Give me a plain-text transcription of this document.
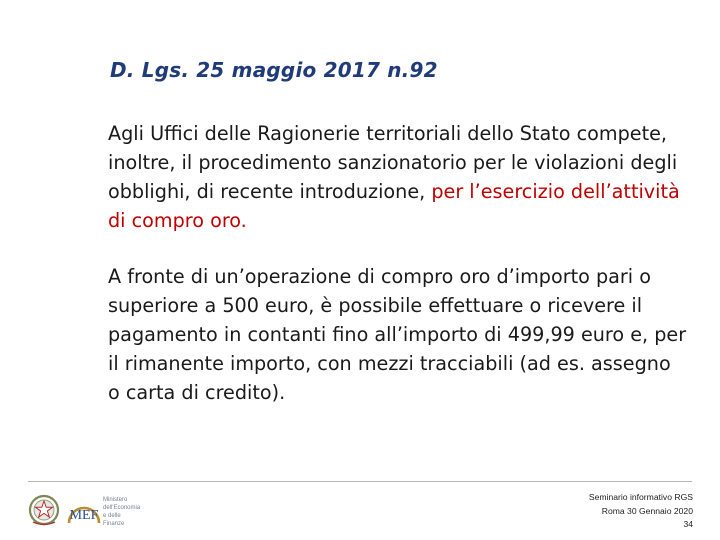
D. Lgs. 25 maggio 2017 n.92

Agli Uffici delle Ragionerie territoriali dello Stato compete, inoltre, il procedimento sanzionatorio per le violazioni degli obblighi, di recente introduzione, per l’esercizio dell’attività di compro oro.

A fronte di un’operazione di compro oro d’importo pari o superiore a 500 euro, è possibile effettuare o ricevere il pagamento in contanti fino all’importo di 499,99 euro e, per il rimanente importo, con mezzi tracciabili (ad es. assegno o carta di credito).

MEF
Ministero dell'Economia e delle Finanze
Seminario informativo RGS
Roma 30 Gennaio 2020
34
